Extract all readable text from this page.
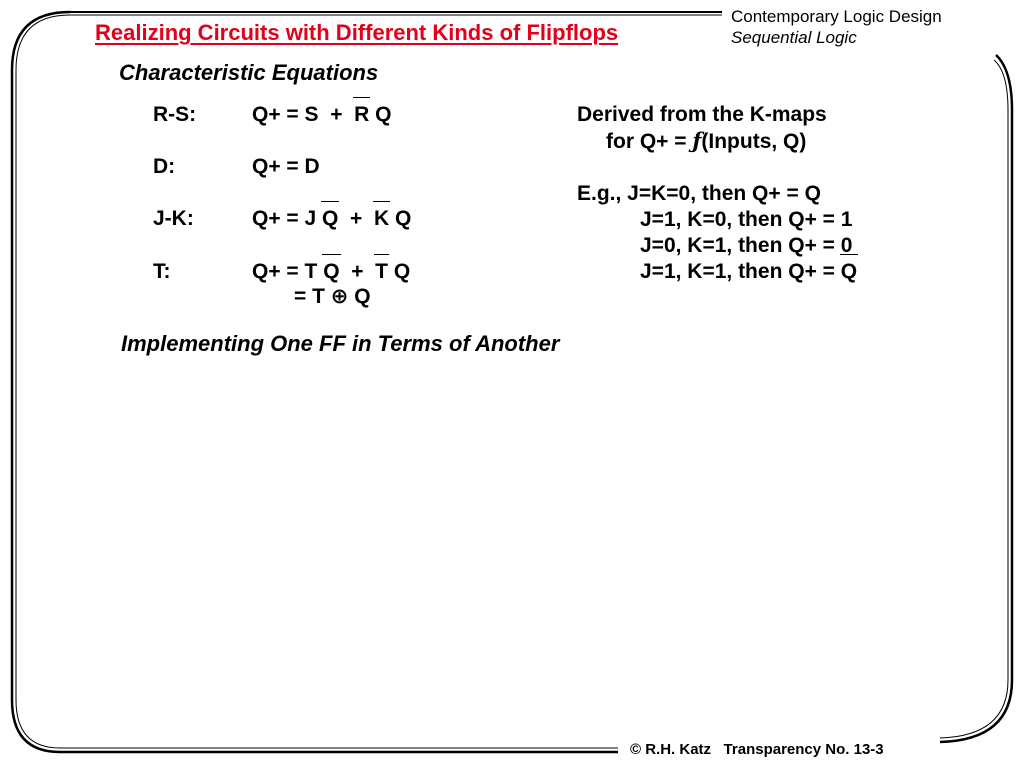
Contemporary Logic Design
Sequential Logic
Realizing Circuits with Different Kinds of Flipflops
Characteristic Equations
R-S:	Q+ = S  +  R Q
D:	Q+ = D
J-K:	Q+ = J Q  +  K Q
T:	Q+ = T Q  +  T Q
= T ⊕ Q
Derived from the K-maps
for Q+ = ƒ(Inputs, Q)
E.g., J=K=0, then Q+ = Q
J=1, K=0, then Q+ = 1
J=0, K=1, then Q+ = 0
J=1, K=1, then Q+ = Q
Implementing One FF in Terms of Another
© R.H. Katz   Transparency No. 13-3
